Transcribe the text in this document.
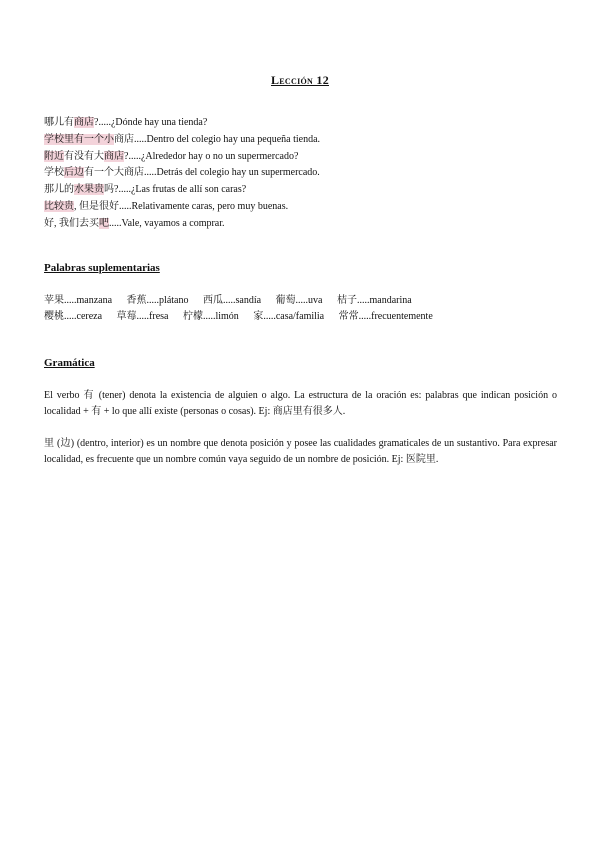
Lección 12
哪儿有商店?.....¿Dónde hay una tienda?
学校里有一个小商店.....Dentro del colegio hay una pequeña tienda.
附近有没有大商店?.....¿Alrededor hay o no un supermercado?
学校后边有一个大商店.....Detrás del colegio hay un supermercado.
那儿的水果贵吗?.....¿Las frutas de allí son caras?
比较贵, 但是很好.....Relativamente caras, pero muy buenas.
好, 我们去买吧.....Vale, vayamos a comprar.
Palabras suplementarias
苹果.....manzana 香蕉.....plátano 西瓜.....sandía 葡萄.....uva 桔子.....mandarina
樱桃.....cereza 草莓.....fresa 柠檬.....limón 家.....casa/familia 常常.....frecuentemente
Gramática
El verbo 有 (tener) denota la existencia de alguien o algo. La estructura de la oración es: palabras que indican posición o localidad + 有 + lo que allí existe (personas o cosas). Ej: 商店里有很多人.
里 (边) (dentro, interior) es un nombre que denota posición y posee las cualidades gramaticales de un sustantivo. Para expresar localidad, es frecuente que un nombre común vaya seguido de un nombre de posición. Ej: 医院里.
